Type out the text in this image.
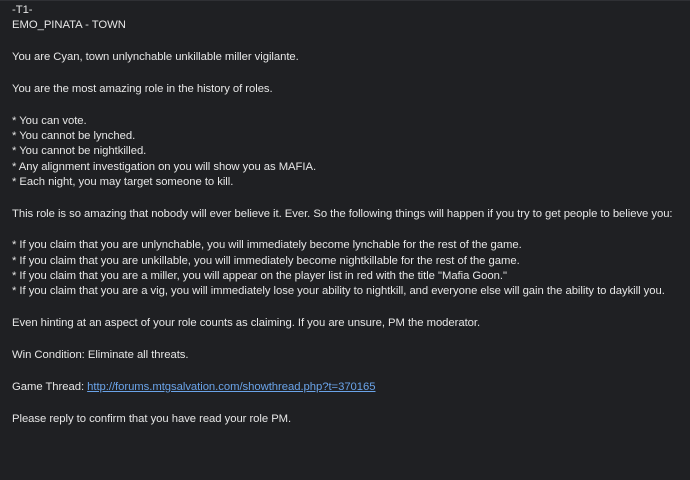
-T1-
EMO_PINATA - TOWN
You are Cyan, town unlynchable unkillable miller vigilante.
You are the most amazing role in the history of roles.
* You can vote.
* You cannot be lynched.
* You cannot be nightkilled.
* Any alignment investigation on you will show you as MAFIA.
* Each night, you may target someone to kill.
This role is so amazing that nobody will ever believe it. Ever. So the following things will happen if you try to get people to believe you:
* If you claim that you are unlynchable, you will immediately become lynchable for the rest of the game.
* If you claim that you are unkillable, you will immediately become nightkillable for the rest of the game.
* If you claim that you are a miller, you will appear on the player list in red with the title "Mafia Goon."
* If you claim that you are a vig, you will immediately lose your ability to nightkill, and everyone else will gain the ability to daykill you.
Even hinting at an aspect of your role counts as claiming. If you are unsure, PM the moderator.
Win Condition: Eliminate all threats.
Game Thread: http://forums.mtgsalvation.com/showthread.php?t=370165
Please reply to confirm that you have read your role PM.
